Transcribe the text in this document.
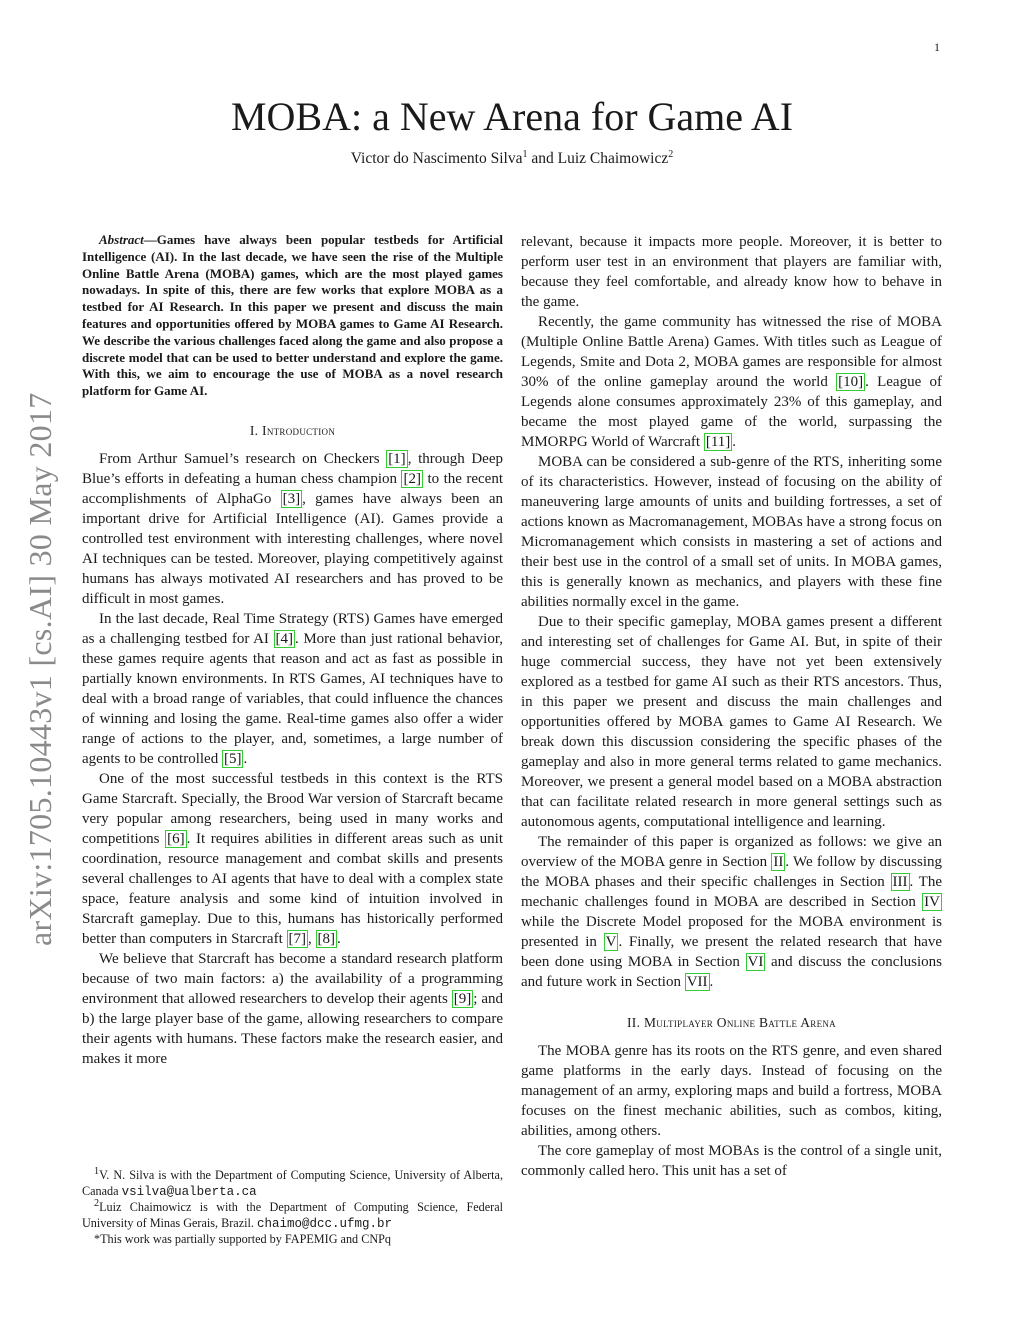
1
arXiv:1705.10443v1 [cs.AI] 30 May 2017
MOBA: a New Arena for Game AI
Victor do Nascimento Silva$^1$ and Luiz Chaimowicz$^2$

Abstract—Games have always been popular testbeds for Artificial Intelligence (AI). In the last decade, we have seen the rise of the Multiple Online Battle Arena (MOBA) games, which are the most played games nowadays. In spite of this, there are few works that explore MOBA as a testbed for AI Research. In this paper we present and discuss the main features and opportunities offered by MOBA games to Game AI Research. We describe the various challenges faced along the game and also propose a discrete model that can be used to better understand and explore the game. With this, we aim to encourage the use of MOBA as a novel research platform for Game AI.

I. Introduction

From Arthur Samuel’s research on Checkers [1] , through Deep Blue’s efforts in defeating a human chess champion [2] to the recent accomplishments of AlphaGo [3] , games have always been an important drive for Artificial Intelligence (AI). Games provide a controlled test environment with interesting challenges, where novel AI techniques can be tested. Moreover, playing competitively against humans has always motivated AI researchers and has proved to be difficult in most games.

In the last decade, Real Time Strategy (RTS) Games have emerged as a challenging testbed for AI [4] . More than just rational behavior, these games require agents that reason and act as fast as possible in partially known environments. In RTS Games, AI techniques have to deal with a broad range of variables, that could influence the chances of winning and losing the game. Real-time games also offer a wider range of actions to the player, and, sometimes, a large number of agents to be controlled [5] .

One of the most successful testbeds in this context is the RTS Game Starcraft. Specially, the Brood War version of Starcraft became very popular among researchers, being used in many works and competitions [6] . It requires abilities in different areas such as unit coordination, resource management and combat skills and presents several challenges to AI agents that have to deal with a complex state space, feature analysis and some kind of intuition involved in Starcraft gameplay. Due to this, humans has historically performed better than computers in Starcraft [7] , [8] .

We believe that Starcraft has become a standard research platform because of two main factors: a) the availability of a programming environment that allowed researchers to develop their agents [9] ; and b) the large player base of the game, allowing researchers to compare their agents with humans. These factors make the research easier, and makes it more

$^1$V. N. Silva is with the Department of Computing Science, University of Alberta, Canada vsilva@ualberta.ca

$^2$Luiz Chaimowicz is with the Department of Computing Science, Federal University of Minas Gerais, Brazil. chaimo@dcc.ufmg.br

*This work was partially supported by FAPEMIG and CNPq

relevant, because it impacts more people. Moreover, it is better to perform user test in an environment that players are familiar with, because they feel comfortable, and already know how to behave in the game.

Recently, the game community has witnessed the rise of MOBA (Multiple Online Battle Arena) Games. With titles such as League of Legends, Smite and Dota 2, MOBA games are responsible for almost 30% of the online gameplay around the world [10] . League of Legends alone consumes approximately 23% of this gameplay, and became the most played game of the world, surpassing the MMORPG World of Warcraft [11] .

MOBA can be considered a sub-genre of the RTS, inheriting some of its characteristics. However, instead of focusing on the ability of maneuvering large amounts of units and building fortresses, a set of actions known as Macromanagement, MOBAs have a strong focus on Micromanagement which consists in mastering a set of actions and their best use in the control of a small set of units. In MOBA games, this is generally known as mechanics, and players with these fine abilities normally excel in the game.

Due to their specific gameplay, MOBA games present a different and interesting set of challenges for Game AI. But, in spite of their huge commercial success, they have not yet been extensively explored as a testbed for game AI such as their RTS ancestors. Thus, in this paper we present and discuss the main challenges and opportunities offered by MOBA games to Game AI Research. We break down this discussion considering the specific phases of the gameplay and also in more general terms related to game mechanics. Moreover, we present a general model based on a MOBA abstraction that can facilitate related research in more general settings such as autonomous agents, computational intelligence and learning.

The remainder of this paper is organized as follows: we give an overview of the MOBA genre in Section II . We follow by discussing the MOBA phases and their specific challenges in Section III . The mechanic challenges found in MOBA are described in Section IV while the Discrete Model proposed for the MOBA environment is presented in V . Finally, we present the related research that have been done using MOBA in Section VI and discuss the conclusions and future work in Section VII .

II. Multiplayer Online Battle Arena

The MOBA genre has its roots on the RTS genre, and even shared game platforms in the early days. Instead of focusing on the management of an army, exploring maps and build a fortress, MOBA focuses on the finest mechanic abilities, such as combos, kiting, abilities, among others.

The core gameplay of most MOBAs is the control of a single unit, commonly called hero. This unit has a set of
